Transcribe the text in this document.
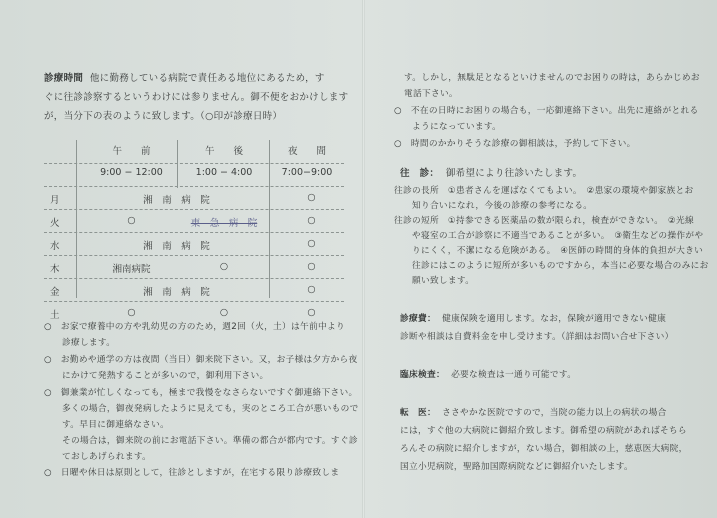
診療時間 他に勤務している病院で責任ある地位にあるため，す
ぐに往診診察するというわけには参りません。御不便をおかけします
が，当分下の表のように致します。（○印が診療日時）
午　　前	午　　後	夜　　間
9:00 − 12:00	1:00 − 4:00	7:00−9:00
月	湘　南　病　院	○
火	○	東　急　病　院	○
水	湘　南　病　院	○
木	湘南病院	○	○
金	湘　南　病　院	○
土	○	○	○
○　お家で療養中の方や乳幼児の方のため，週2回（火，土）は午前中より
　　診療します。
○　お勤めや通学の方は夜間（当日）御来院下さい。又，お子様は夕方から夜
　　にかけて発熱することが多いので，御利用下さい。
○　御兼業が忙しくなっても，極まで我慢をなさらないですぐ御連絡下さい。
　　多くの場合，御夜発病したように見えても，実のところ工合が悪いもので
　　す。早目に御連絡なさい。
　　その場合は，御来院の前にお電話下さい。準備の都合が都内です。すぐ診
　　ておしあげられます。
○　日曜や休日は原則として，往診としますが，在宅する限り診療致しま
す。しかし，無駄足となるといけませんのでお困りの時は，あらかじめお
電話下さい。
○　不在の日時にお困りの場合も，一応御連絡下さい。出先に連絡がとれる
　　ようになっています。
○　時間のかかりそうな診療の御相談は，予約して下さい。
往　診： 御希望により往診いたします。
往診の長所　①患者さんを運ばなくてもよい。　②患家の環境や御家族とお
　　知り合いになれ，今後の診療の参考になる。
往診の短所　①持参できる医薬品の数が限られ，検査ができない。　②光線
　　や寝室の工合が診察に不適当であることが多い。　③衛生などの操作がや
　　りにくく，不潔になる危険がある。　④医師の時間的身体的負担が大きい
　　往診にはこのように短所が多いものですから，本当に必要な場合のみにお
　　願い致します。
診療費： 健康保険を適用します。なお，保険が適用できない健康
診断や相談は自費料金を申し受けます。（詳細はお問い合せ下さい）
臨床検査： 必要な検査は一通り可能です。
転　医： ささやかな医院ですので，当院の能力以上の病状の場合
には，すぐ他の大病院に御紹介致します。御希望の病院があればそちら
ろんその病院に紹介しますが，ない場合，御相談の上，慈恵医大病院，
国立小児病院，聖路加国際病院などに御紹介いたします。
